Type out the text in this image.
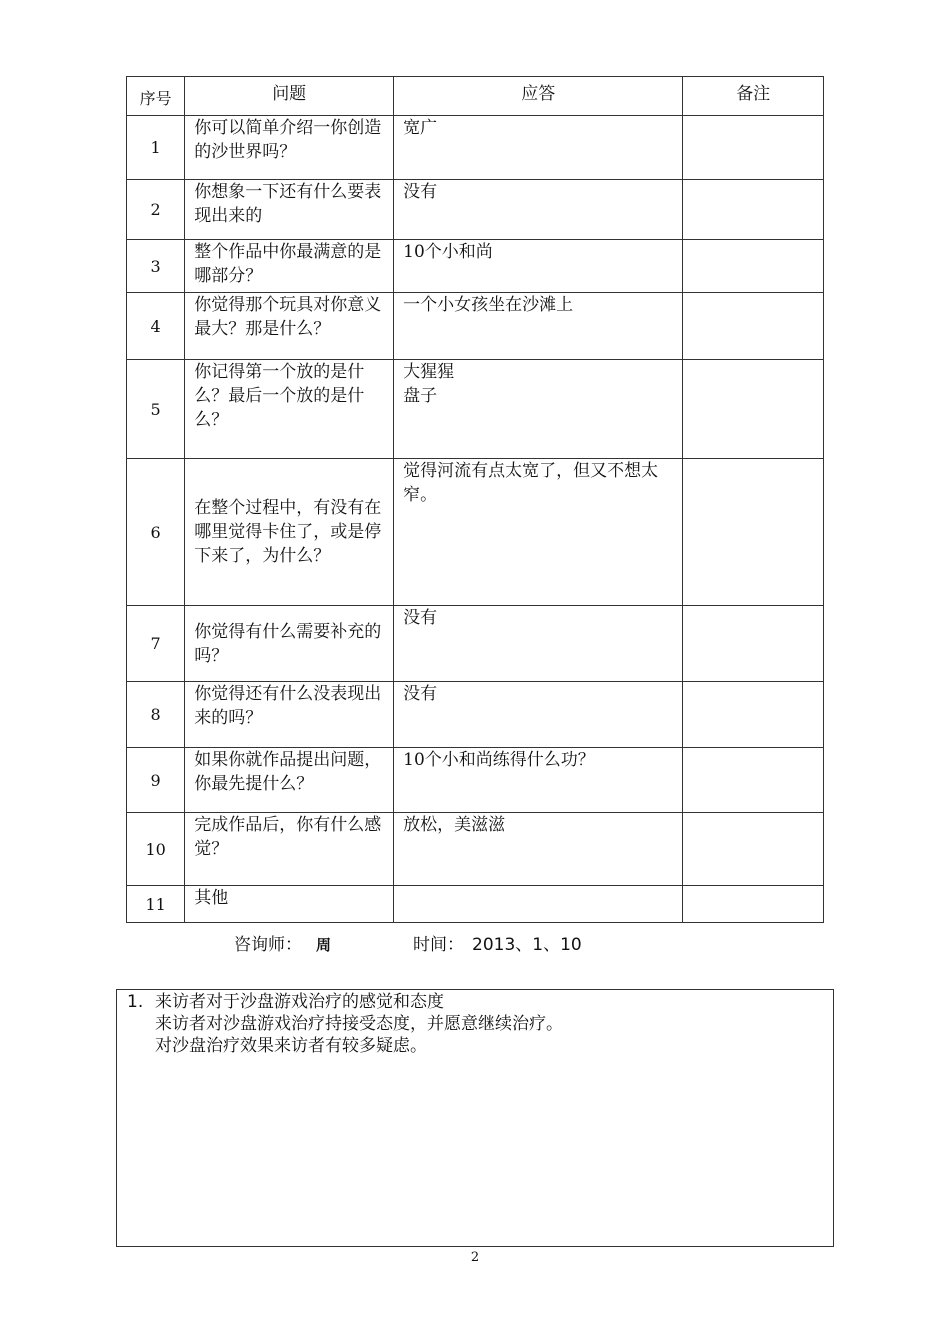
序号	问题	应答	备注
1	你可以简单介绍一你创造的沙世界吗？	宽广	

2	你想象一下还有什么要表现出来的	没有	

3	整个作品中你最满意的是哪部分？	10个小和尚	

4	你觉得那个玩具对你意义最大？那是什么？	一个小女孩坐在沙滩上	

5	你记得第一个放的是什么？最后一个放的是什么？	大猩猩
盘子	

6	在整个过程中，有没有在哪里觉得卡住了，或是停下来了，为什么？	觉得河流有点太宽了，但又不想太窄。	

7	你觉得有什么需要补充的吗？	没有	

8	你觉得还有什么没表现出来的吗？	没有	

9	如果你就作品提出问题，你最先提什么？	10个小和尚练得什么功？	

10	完成作品后，你有什么感觉？	放松，美滋滋	

11	其他		

咨询师： 周	时间： 2013、1、10
1. 来访者对于沙盘游戏治疗的感觉和态度
来访者对沙盘游戏治疗持接受态度，并愿意继续治疗。
对沙盘治疗效果来访者有较多疑虑。
2
